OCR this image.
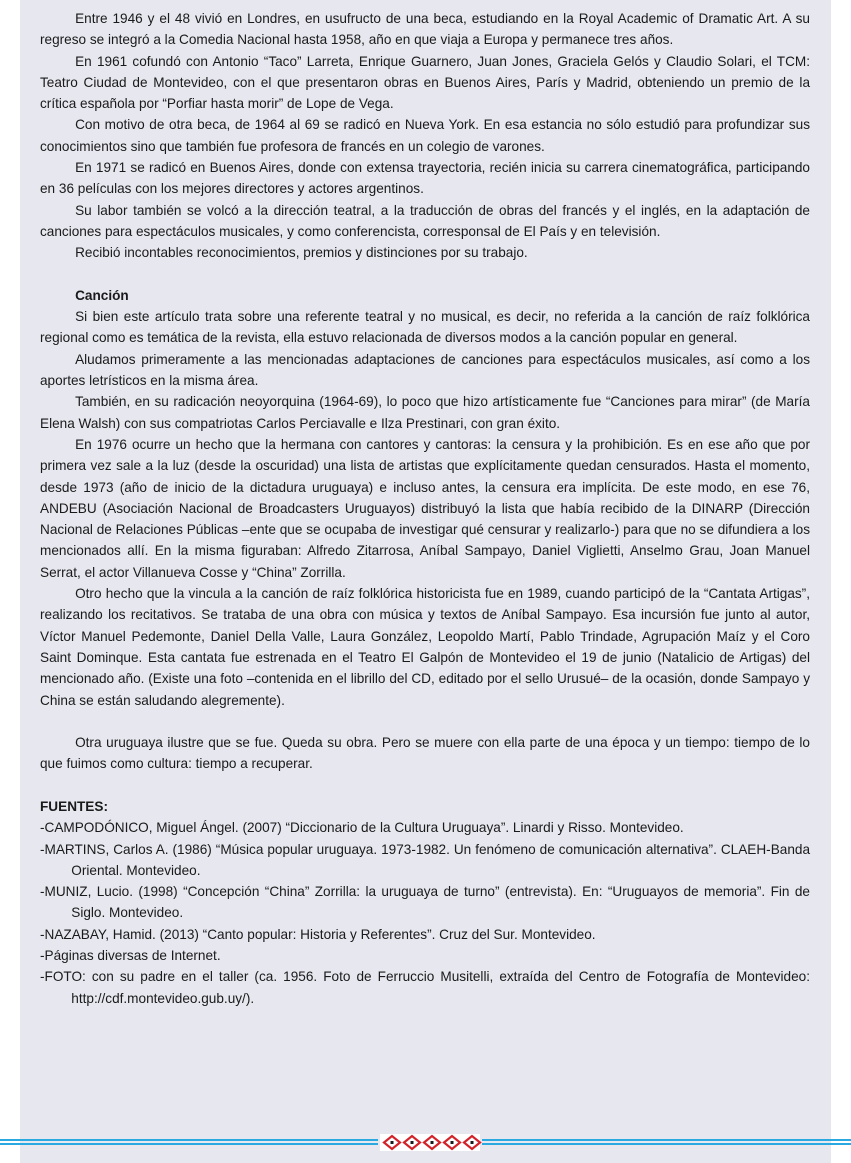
Entre 1946 y el 48 vivió en Londres, en usufructo de una beca, estudiando en la Royal Academic of Dramatic Art. A su regreso se integró a la Comedia Nacional hasta 1958, año en que viaja a Europa y permanece tres años.

En 1961 cofundó con Antonio “Taco” Larreta, Enrique Guarnero, Juan Jones, Graciela Gelós y Claudio Solari, el TCM: Teatro Ciudad de Montevideo, con el que presentaron obras en Buenos Aires, París y Madrid, obteniendo un premio de la crítica española por “Porfiar hasta morir” de Lope de Vega.

Con motivo de otra beca, de 1964 al 69 se radicó en Nueva York. En esa estancia no sólo estudió para profundizar sus conocimientos sino que también fue profesora de francés en un colegio de varones.

En 1971 se radicó en Buenos Aires, donde con extensa trayectoria, recién inicia su carrera cinematográfica, participando en 36 películas con los mejores directores y actores argentinos.

Su labor también se volcó a la dirección teatral, a la traducción de obras del francés y el inglés, en la adaptación de canciones para espectáculos musicales, y como conferencista, corresponsal de El País y en televisión.

Recibió incontables reconocimientos, premios y distinciones por su trabajo.

Canción

Si bien este artículo trata sobre una referente teatral y no musical, es decir, no referida a la canción de raíz folklórica regional como es temática de la revista, ella estuvo relacionada de diversos modos a la canción popular en general.

Aludamos primeramente a las mencionadas adaptaciones de canciones para espectáculos musicales, así como a los aportes letrísticos en la misma área.

También, en su radicación neoyorquina (1964-69), lo poco que hizo artísticamente fue “Canciones para mirar” (de María Elena Walsh) con sus compatriotas Carlos Perciavalle e Ilza Prestinari, con gran éxito.

En 1976 ocurre un hecho que la hermana con cantores y cantoras: la censura y la prohibición. Es en ese año que por primera vez sale a la luz (desde la oscuridad) una lista de artistas que explícitamente quedan censurados. Hasta el momento, desde 1973 (año de inicio de la dictadura uruguaya) e incluso antes, la censura era implícita. De este modo, en ese 76, ANDEBU (Asociación Nacional de Broadcasters Uruguayos) distribuyó la lista que había recibido de la DINARP (Dirección Nacional de Relaciones Públicas –ente que se ocupaba de investigar qué censurar y realizarlo-) para que no se difundiera a los mencionados allí. En la misma figuraban: Alfredo Zitarrosa, Aníbal Sampayo, Daniel Viglietti, Anselmo Grau, Joan Manuel Serrat, el actor Villanueva Cosse y “China” Zorrilla.

Otro hecho que la vincula a la canción de raíz folklórica historicista fue en 1989, cuando participó de la “Cantata Artigas”, realizando los recitativos. Se trataba de una obra con música y textos de Aníbal Sampayo. Esa incursión fue junto al autor, Víctor Manuel Pedemonte, Daniel Della Valle, Laura González, Leopoldo Martí, Pablo Trindade, Agrupación Maíz y el Coro Saint Dominque. Esta cantata fue estrenada en el Teatro El Galpón de Montevideo el 19 de junio (Natalicio de Artigas) del mencionado año. (Existe una foto –contenida en el librillo del CD, editado por el sello Urusué– de la ocasión, donde Sampayo y China se están saludando alegremente).

Otra uruguaya ilustre que se fue. Queda su obra. Pero se muere con ella parte de una época y un tiempo: tiempo de lo que fuimos como cultura: tiempo a recuperar.

FUENTES:

-CAMPODÓNICO, Miguel Ángel. (2007) “Diccionario de la Cultura Uruguaya”. Linardi y Risso. Montevideo.

-MARTINS, Carlos A. (1986) “Música popular uruguaya. 1973-1982. Un fenómeno de comunicación alternativa”. CLAEH-Banda Oriental. Montevideo.

-MUNIZ, Lucio. (1998) “Concepción “China” Zorrilla: la uruguaya de turno” (entrevista). En: “Uruguayos de memoria”. Fin de Siglo. Montevideo.

-NAZABAY, Hamid. (2013) “Canto popular: Historia y Referentes”. Cruz del Sur. Montevideo.

-Páginas diversas de Internet.

-FOTO: con su padre en el taller (ca. 1956. Foto de Ferruccio Musitelli, extraída del Centro de Fotografía de Montevideo: http://cdf.montevideo.gub.uy/).
